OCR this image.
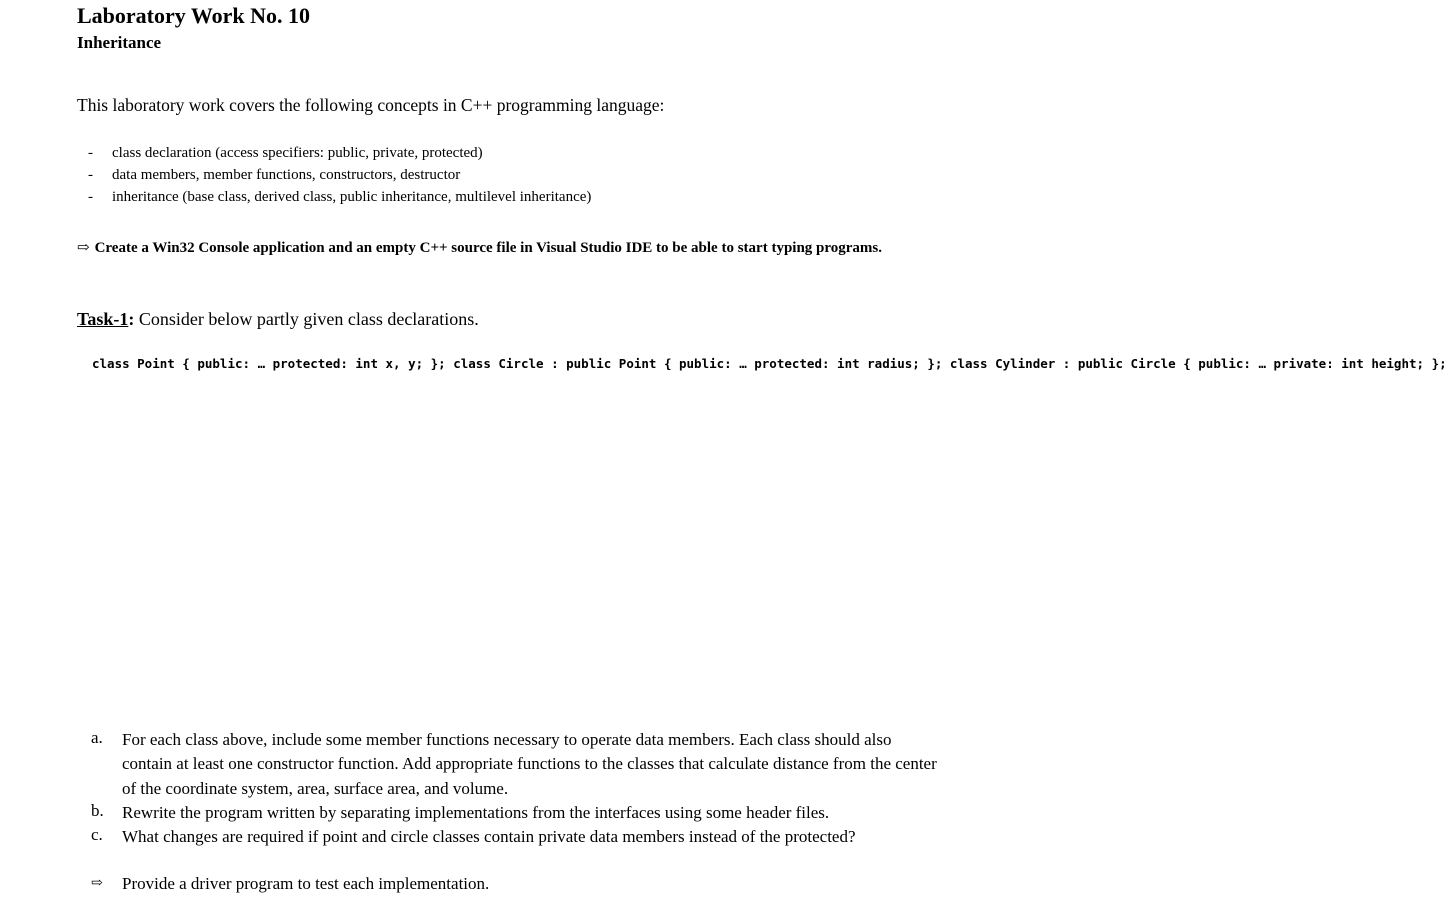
Laboratory Work No. 10
Inheritance
This laboratory work covers the following concepts in C++ programming language:
- class declaration (access specifiers: public, private, protected)
- data members, member functions, constructors, destructor
- inheritance (base class, derived class, public inheritance, multilevel inheritance)
⇨ Create a Win32 Console application and an empty C++ source file in Visual Studio IDE to be able to start typing programs.
Task-1: Consider below partly given class declarations.
class Point { public: … protected: int x, y; }; class Circle : public Point { public: … protected: int radius; }; class Cylinder : public Circle { public: … private: int height; };
a. For each class above, include some member functions necessary to operate data members. Each class should also contain at least one constructor function. Add appropriate functions to the classes that calculate distance from the center of the coordinate system, area, surface area, and volume.
b. Rewrite the program written by separating implementations from the interfaces using some header files.
c. What changes are required if point and circle classes contain private data members instead of the protected?
⇨ Provide a driver program to test each implementation.
